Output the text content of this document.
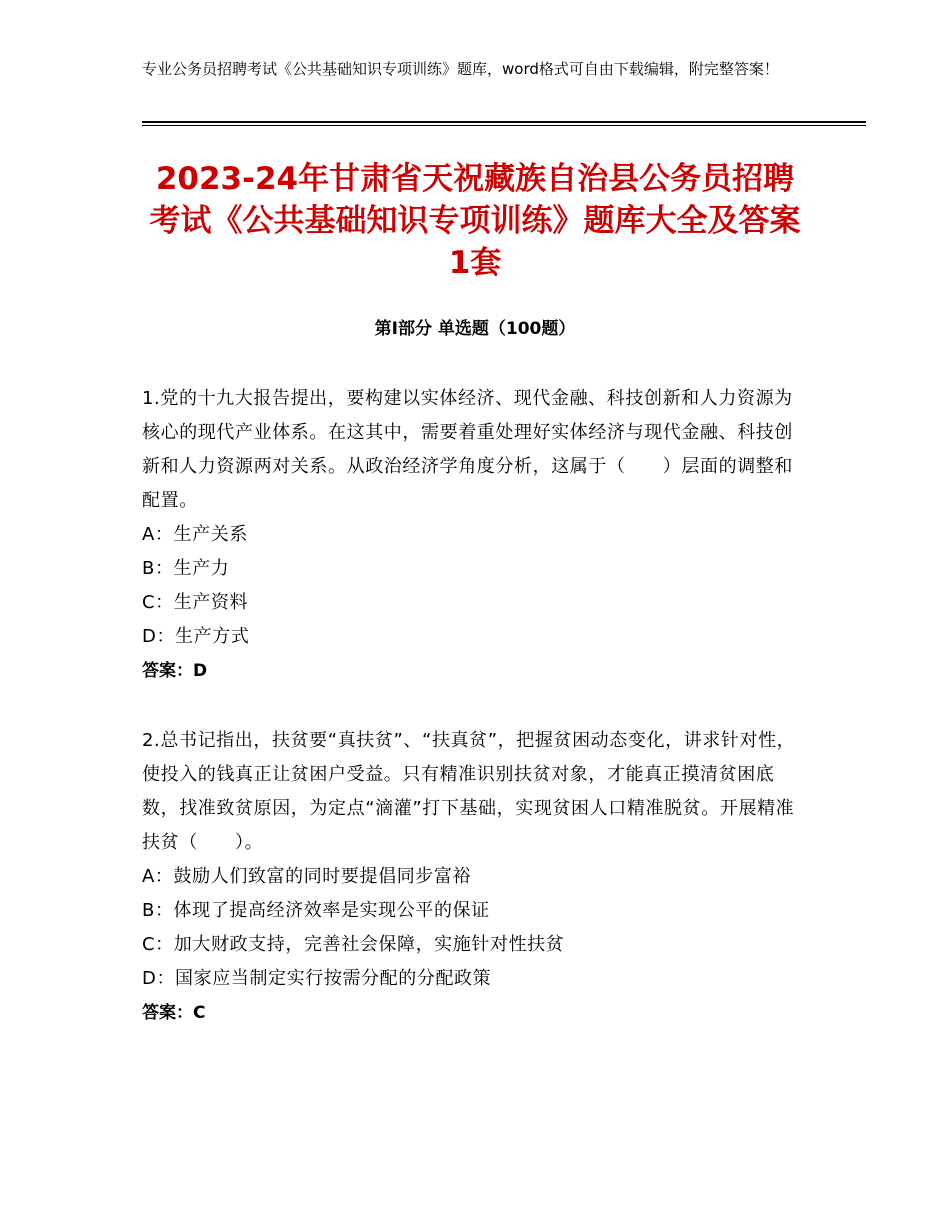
专业公务员招聘考试《公共基础知识专项训练》题库，word格式可自由下载编辑，附完整答案！
2023-24年甘肃省天祝藏族自治县公务员招聘考试《公共基础知识专项训练》题库大全及答案1套
第Ⅰ部分 单选题（100题）
1.党的十九大报告提出，要构建以实体经济、现代金融、科技创新和人力资源为核心的现代产业体系。在这其中，需要着重处理好实体经济与现代金融、科技创新和人力资源两对关系。从政治经济学角度分析，这属于（　　）层面的调整和配置。
A：生产关系
B：生产力
C：生产资料
D：生产方式
答案：D
2.总书记指出，扶贫要“真扶贫”、“扶真贫”，把握贫困动态变化，讲求针对性，使投入的钱真正让贫困户受益。只有精准识别扶贫对象，才能真正摸清贫困底数，找准致贫原因，为定点“滴灌”打下基础，实现贫困人口精准脱贫。开展精准扶贫（　　）。
A：鼓励人们致富的同时要提倡同步富裕
B：体现了提高经济效率是实现公平的保证
C：加大财政支持，完善社会保障，实施针对性扶贫
D：国家应当制定实行按需分配的分配政策
答案：C
